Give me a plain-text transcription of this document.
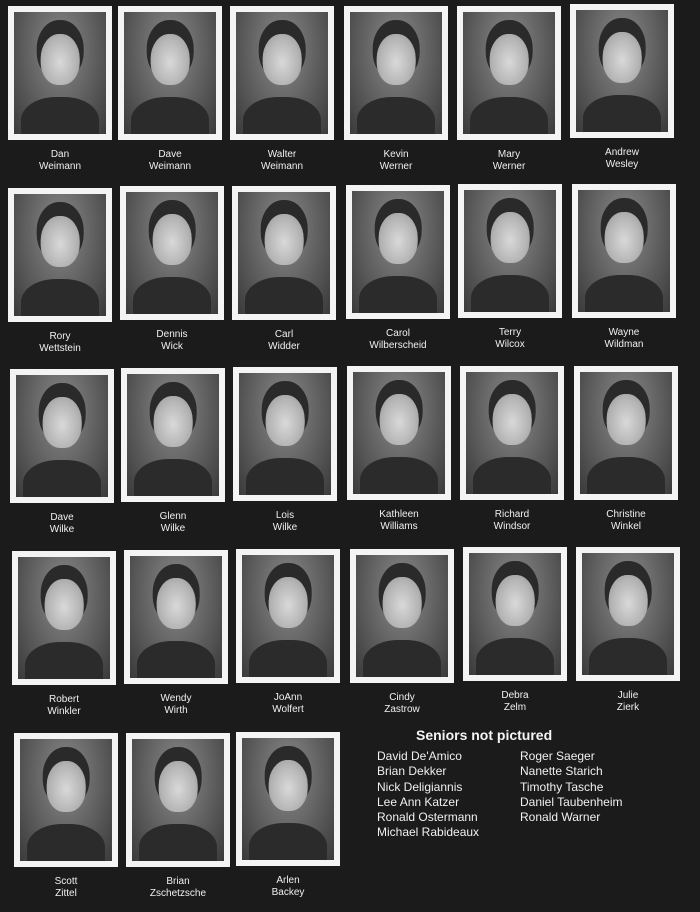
Dan
Weimann
Dave
Weimann
Walter
Weimann
Kevin
Werner
Mary
Werner
Andrew
Wesley
Rory
Wettstein
Dennis
Wick
Carl
Widder
Carol
Wilberscheid
Terry
Wilcox
Wayne
Wildman
Dave
Wilke
Glenn
Wilke
Lois
Wilke
Kathleen
Williams
Richard
Windsor
Christine
Winkel
Robert
Winkler
Wendy
Wirth
JoAnn
Wolfert
Cindy
Zastrow
Debra
Zelm
Julie
Zierk
Scott
Zittel
Brian
Zschetzsche
Arlen
Backey
Seniors not pictured
David De'Amico
Brian Dekker
Nick Deligiannis
Lee Ann Katzer
Ronald Ostermann
Michael Rabideaux
Roger Saeger
Nanette Starich
Timothy Tasche
Daniel Taubenheim
Ronald Warner
